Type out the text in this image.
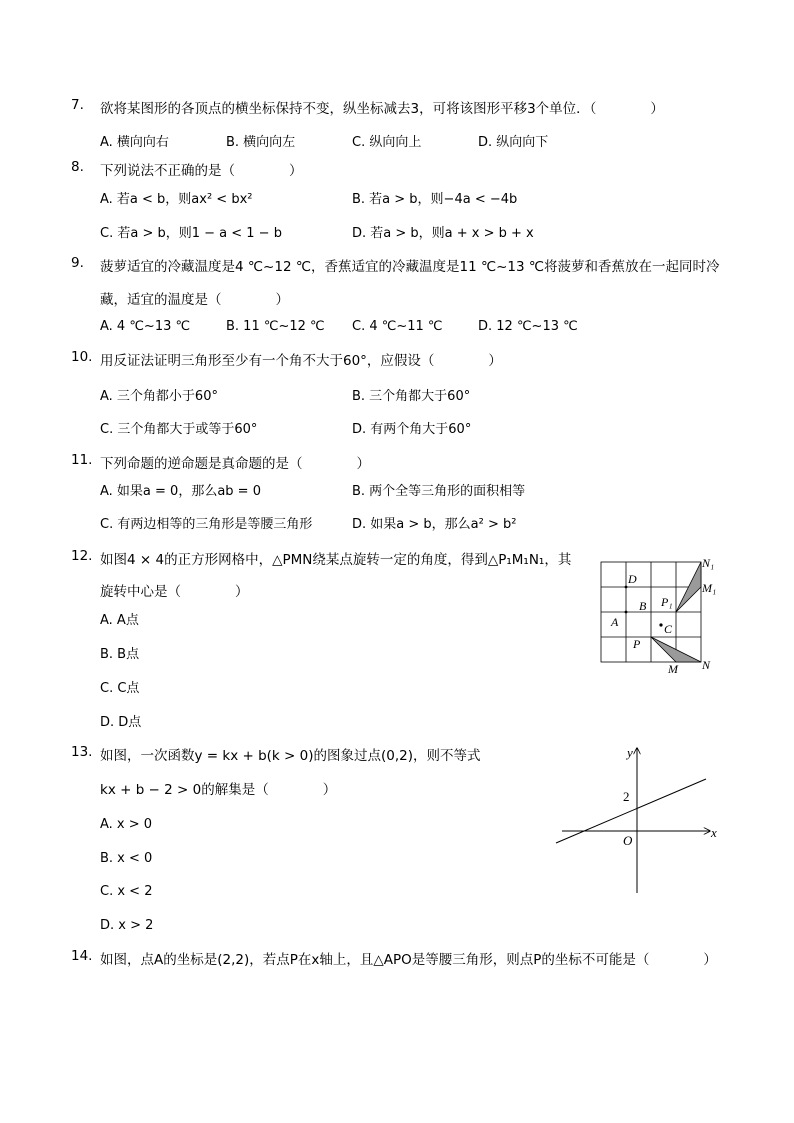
7. 欲将某图形的各顶点的横坐标保持不变，纵坐标减去3，可将该图形平移3个单位．（　　　　）
A. 横向向右	B. 横向向左	C. 纵向向上	D. 纵向向下
8. 下列说法不正确的是（　　　　）
A. 若a < b，则ax² < bx²	B. 若a > b，则−4a < −4b
C. 若a > b，则1 − a < 1 − b	D. 若a > b，则a + x > b + x
9. 菠萝适宜的冷藏温度是4 ℃~12 ℃，香蕉适宜的冷藏温度是11 ℃~13 ℃将菠萝和香蕉放在一起同时冷
藏，适宜的温度是（　　　　）
A. 4 ℃~13 ℃	B. 11 ℃~12 ℃ C. 4 ℃~11 ℃	D. 12 ℃~13 ℃
10. 用反证法证明三角形至少有一个角不大于60°，应假设（　　　　）
A. 三个角都小于60°	B. 三个角都大于60°
C. 三个角都大于或等于60°	D. 有两个角大于60°
11. 下列命题的逆命题是真命题的是（　　　　）
A. 如果a = 0，那么ab = 0	B. 两个全等三角形的面积相等
C. 有两边相等的三角形是等腰三角形	D. 如果a > b，那么a² > b²
12. 如图4 × 4的正方形网格中，△PMN绕某点旋转一定的角度，得到△P₁M₁N₁，其
旋转中心是（　　　　）
A. A点
B. B点
C. C点
D. D点
D
B P₁
A	C
P
M N
N₁
M₁
13. 如图，一次函数y = kx + b(k > 0)的图象过点(0,2)，则不等式
kx + b − 2 > 0的解集是（　　　　）
A. x > 0
B. x < 0
C. x < 2
D. x > 2
y
x
2
O
14. 如图，点A的坐标是(2,2)，若点P在x轴上，且△APO是等腰三角形，则点P的坐标不可能是（　　　　）
